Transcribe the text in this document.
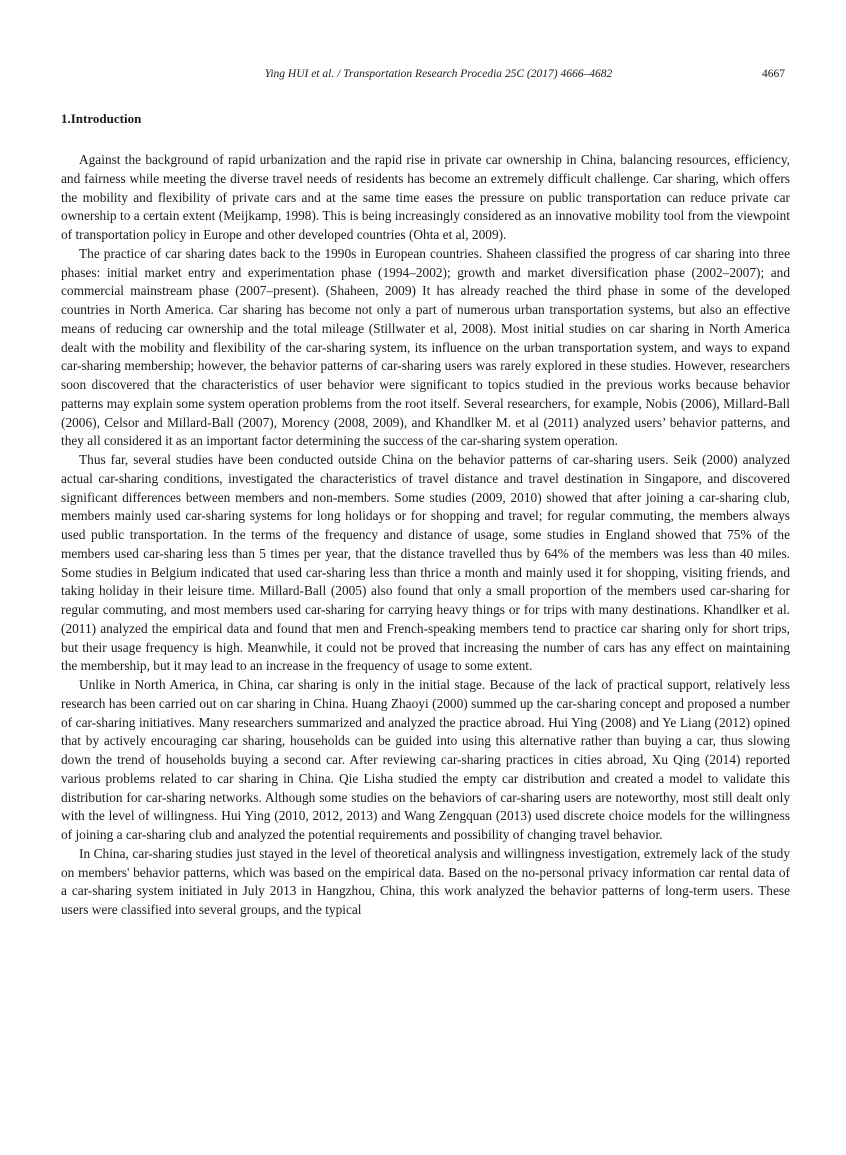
Ying HUI et al. / Transportation Research Procedia 25C (2017) 4666–4682	4667
1.Introduction

Against the background of rapid urbanization and the rapid rise in private car ownership in China, balancing resources, efficiency, and fairness while meeting the diverse travel needs of residents has become an extremely difficult challenge. Car sharing, which offers the mobility and flexibility of private cars and at the same time eases the pressure on public transportation can reduce private car ownership to a certain extent (Meijkamp, 1998). This is being increasingly considered as an innovative mobility tool from the viewpoint of transportation policy in Europe and other developed countries (Ohta et al, 2009).

The practice of car sharing dates back to the 1990s in European countries. Shaheen classified the progress of car sharing into three phases: initial market entry and experimentation phase (1994–2002); growth and market diversification phase (2002–2007); and commercial mainstream phase (2007–present). (Shaheen, 2009) It has already reached the third phase in some of the developed countries in North America. Car sharing has become not only a part of numerous urban transportation systems, but also an effective means of reducing car ownership and the total mileage (Stillwater et al, 2008). Most initial studies on car sharing in North America dealt with the mobility and flexibility of the car-sharing system, its influence on the urban transportation system, and ways to expand car-sharing membership; however, the behavior patterns of car-sharing users was rarely explored in these studies. However, researchers soon discovered that the characteristics of user behavior were significant to topics studied in the previous works because behavior patterns may explain some system operation problems from the root itself. Several researchers, for example, Nobis (2006), Millard-Ball (2006), Celsor and Millard-Ball (2007), Morency (2008, 2009), and Khandlker M. et al (2011) analyzed users’ behavior patterns, and they all considered it as an important factor determining the success of the car-sharing system operation.

Thus far, several studies have been conducted outside China on the behavior patterns of car-sharing users. Seik (2000) analyzed actual car-sharing conditions, investigated the characteristics of travel distance and travel destination in Singapore, and discovered significant differences between members and non-members. Some studies (2009, 2010) showed that after joining a car-sharing club, members mainly used car-sharing systems for long holidays or for shopping and travel; for regular commuting, the members always used public transportation. In the terms of the frequency and distance of usage, some studies in England showed that 75% of the members used car-sharing less than 5 times per year, that the distance travelled thus by 64% of the members was less than 40 miles. Some studies in Belgium indicated that used car-sharing less than thrice a month and mainly used it for shopping, visiting friends, and taking holiday in their leisure time. Millard-Ball (2005) also found that only a small proportion of the members used car-sharing for regular commuting, and most members used car-sharing for carrying heavy things or for trips with many destinations. Khandlker et al. (2011) analyzed the empirical data and found that men and French-speaking members tend to practice car sharing only for short trips, but their usage frequency is high. Meanwhile, it could not be proved that increasing the number of cars has any effect on maintaining the membership, but it may lead to an increase in the frequency of usage to some extent.

Unlike in North America, in China, car sharing is only in the initial stage. Because of the lack of practical support, relatively less research has been carried out on car sharing in China. Huang Zhaoyi (2000) summed up the car-sharing concept and proposed a number of car-sharing initiatives. Many researchers summarized and analyzed the practice abroad. Hui Ying (2008) and Ye Liang (2012) opined that by actively encouraging car sharing, households can be guided into using this alternative rather than buying a car, thus slowing down the trend of households buying a second car. After reviewing car-sharing practices in cities abroad, Xu Qing (2014) reported various problems related to car sharing in China. Qie Lisha studied the empty car distribution and created a model to validate this distribution for car-sharing networks. Although some studies on the behaviors of car-sharing users are noteworthy, most still dealt only with the level of willingness. Hui Ying (2010, 2012, 2013) and Wang Zengquan (2013) used discrete choice models for the willingness of joining a car-sharing club and analyzed the potential requirements and possibility of changing travel behavior.

In China, car-sharing studies just stayed in the level of theoretical analysis and willingness investigation, extremely lack of the study on members' behavior patterns, which was based on the empirical data. Based on the no-personal privacy information car rental data of a car-sharing system initiated in July 2013 in Hangzhou, China, this work analyzed the behavior patterns of long-term users. These users were classified into several groups, and the typical
